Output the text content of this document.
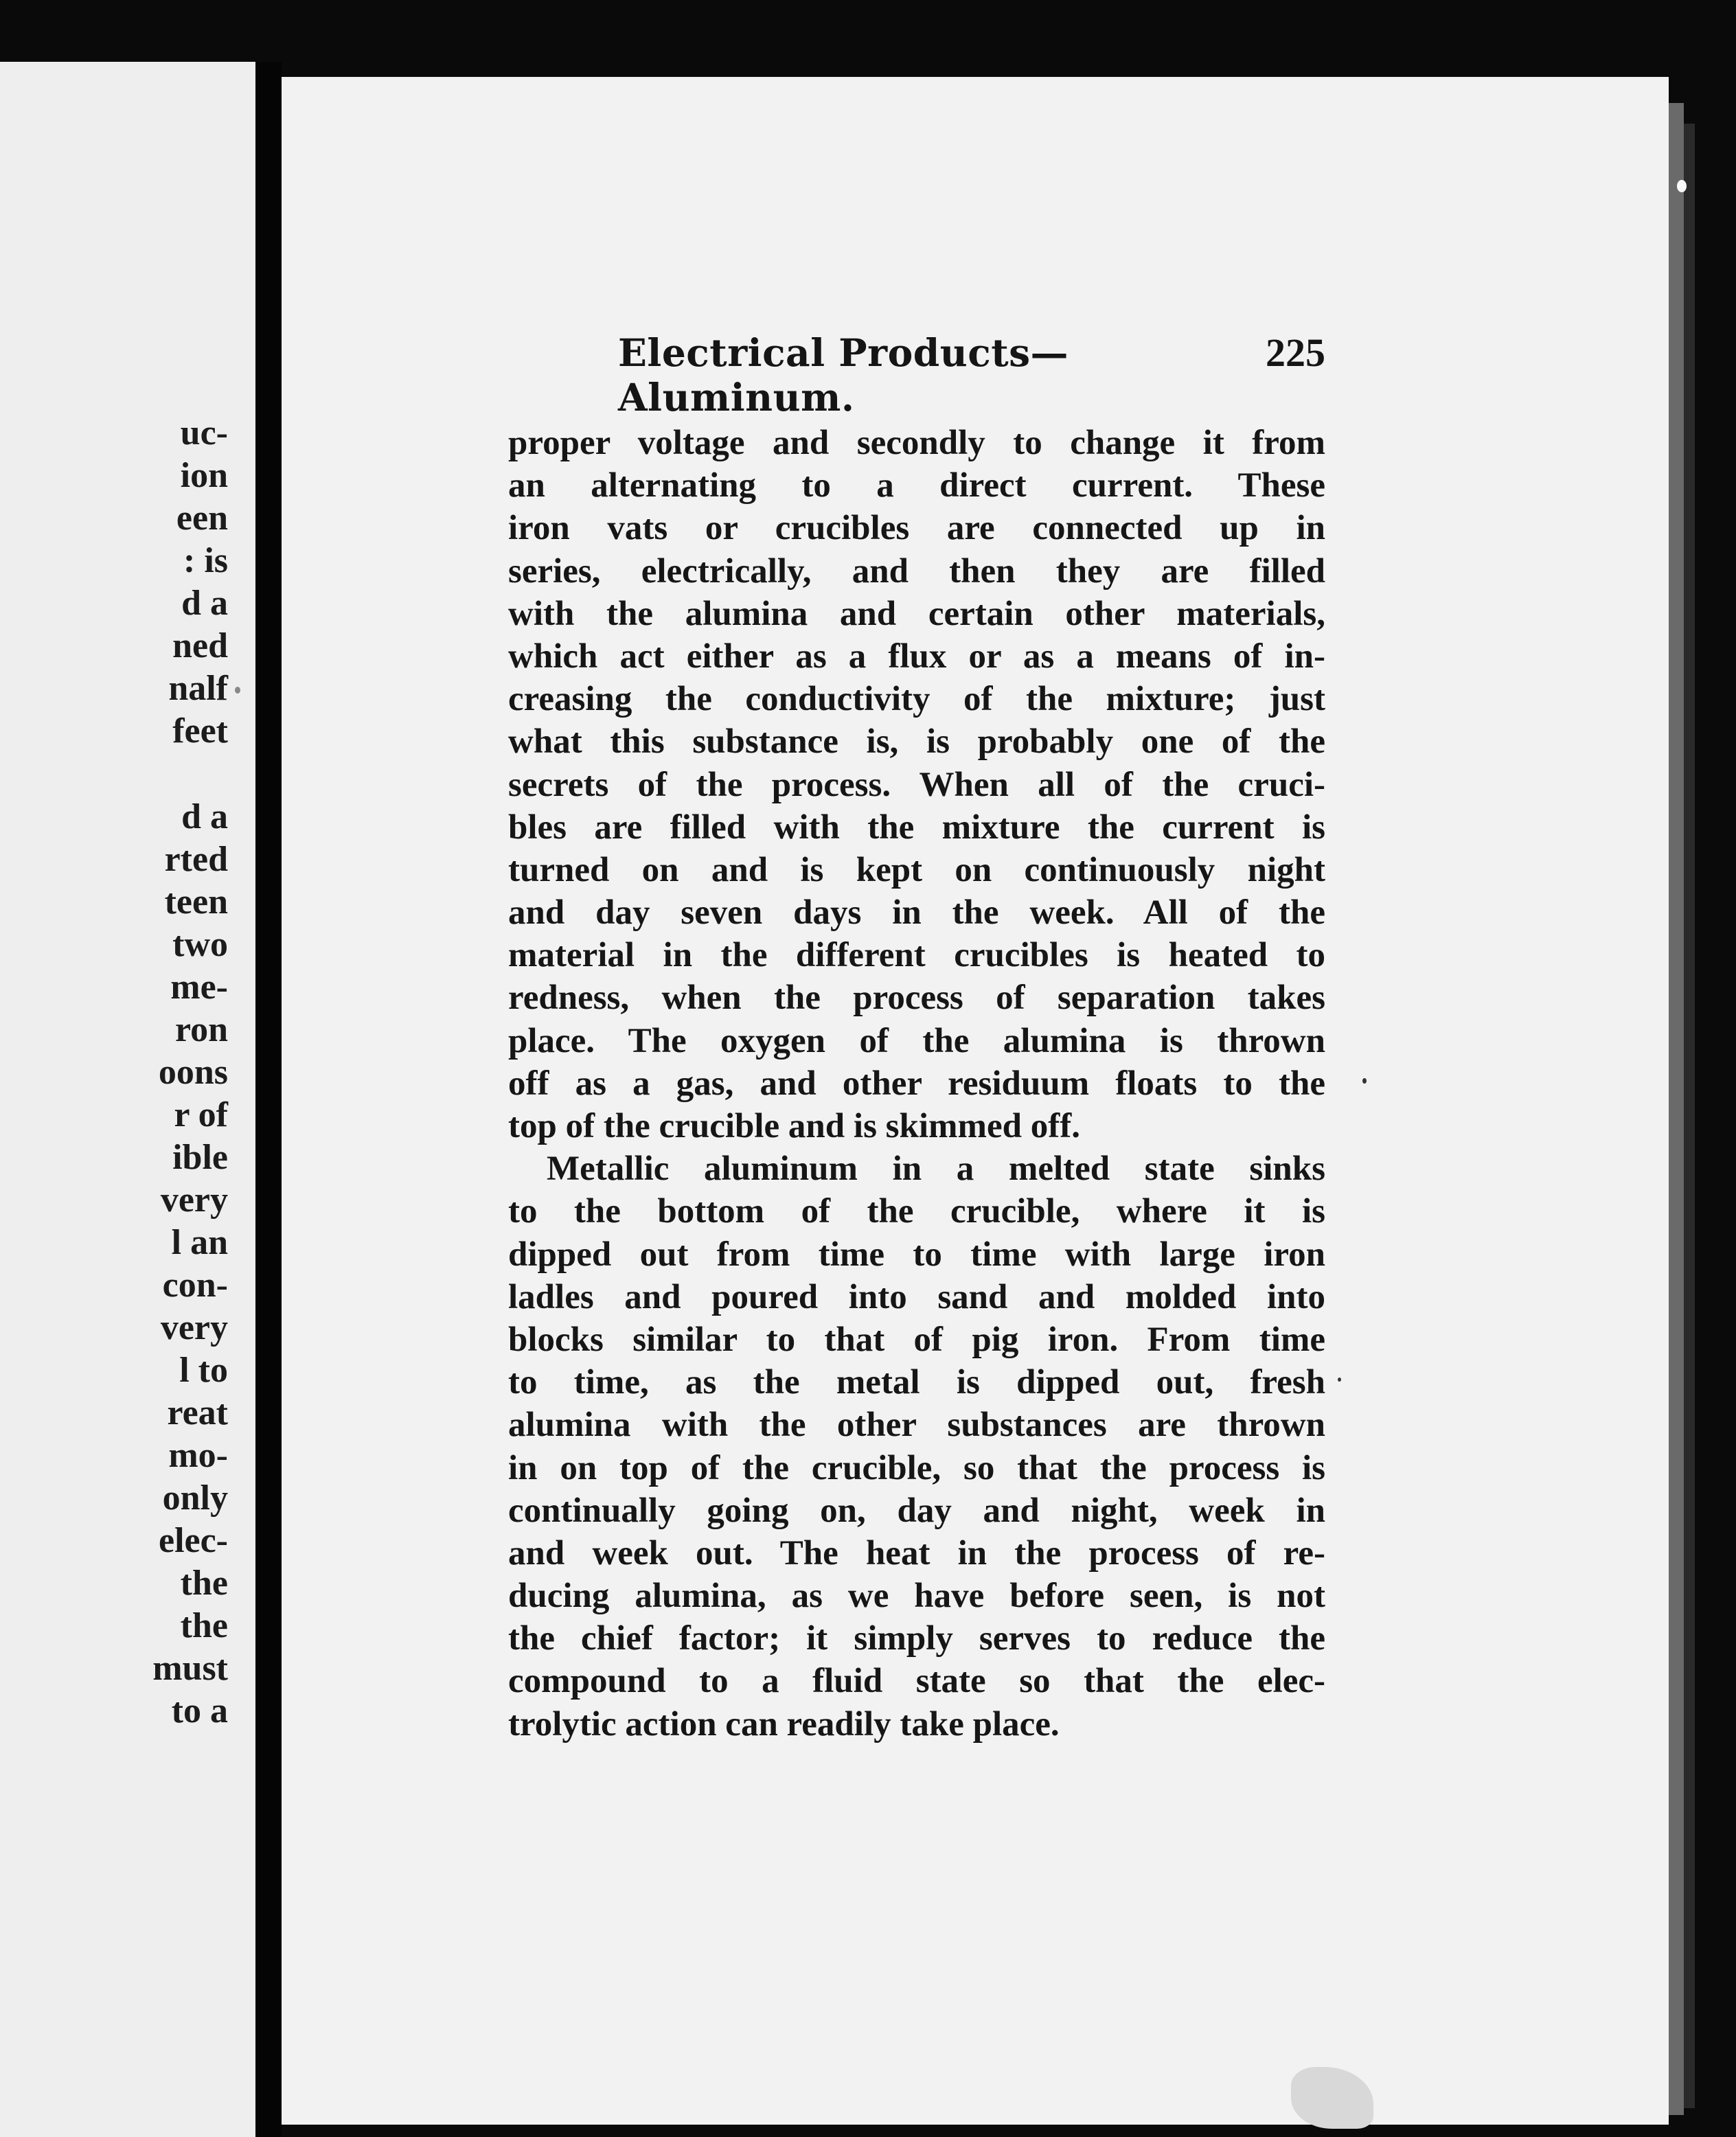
uc-
ion
een
: is
d a
ned
nalf
feet
d a
rted
teen
two
me-
ron
oons
r of
ible
very
l an
con-
very
l to
reat
mo-
only
elec-
the
the
must
to a
Electrical Products—Aluminum.
225
proper voltage and secondly to change it from
an alternating to a direct current. These
iron vats or crucibles are connected up in
series, electrically, and then they are filled
with the alumina and certain other materials,
which act either as a flux or as a means of in-
creasing the conductivity of the mixture; just
what this substance is, is probably one of the
secrets of the process. When all of the cruci-
bles are filled with the mixture the current is
turned on and is kept on continuously night
and day seven days in the week. All of the
material in the different crucibles is heated to
redness, when the process of separation takes
place. The oxygen of the alumina is thrown
off as a gas, and other residuum floats to the
top of the crucible and is skimmed off.
Metallic aluminum in a melted state sinks
to the bottom of the crucible, where it is
dipped out from time to time with large iron
ladles and poured into sand and molded into
blocks similar to that of pig iron. From time
to time, as the metal is dipped out, fresh
alumina with the other substances are thrown
in on top of the crucible, so that the process is
continually going on, day and night, week in
and week out. The heat in the process of re-
ducing alumina, as we have before seen, is not
the chief factor; it simply serves to reduce the
compound to a fluid state so that the elec-
trolytic action can readily take place.
